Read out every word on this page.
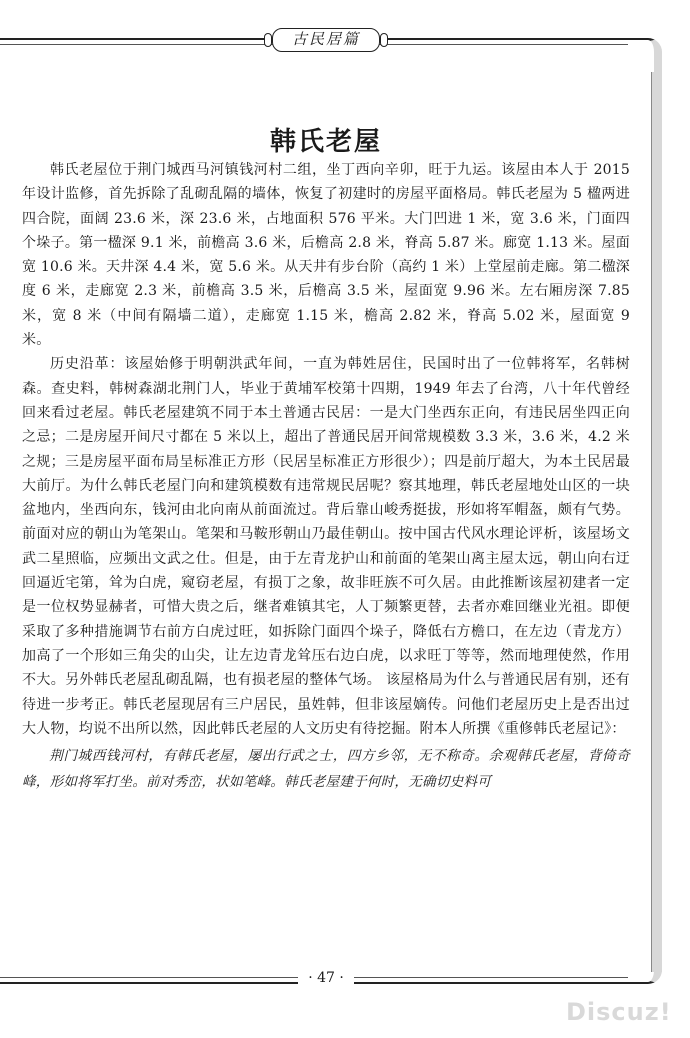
古民居篇
韩氏老屋

韩氏老屋位于荆门城西马河镇钱河村二组，坐丁西向辛卯，旺于九运。该屋由本人于 2015 年设计监修，首先拆除了乱砌乱隔的墙体，恢复了初建时的房屋平面格局。韩氏老屋为 5 楹两进四合院，面阔 23.6 米，深 23.6 米，占地面积 576 平米。大门凹进 1 米，宽 3.6 米，门面四个垛子。第一楹深 9.1 米，前檐高 3.6 米，后檐高 2.8 米，脊高 5.87 米。廊宽 1.13 米。屋面宽 10.6 米。天井深 4.4 米，宽 5.6 米。从天井有步台阶（高约 1 米）上堂屋前走廊。第二楹深度 6 米，走廊宽 2.3 米，前檐高 3.5 米，后檐高 3.5 米，屋面宽 9.96 米。左右厢房深 7.85 米，宽 8 米（中间有隔墙二道），走廊宽 1.15 米，檐高 2.82 米，脊高 5.02 米，屋面宽 9 米。

历史沿革：该屋始修于明朝洪武年间，一直为韩姓居住，民国时出了一位韩将军，名韩树森。查史料，韩树森湖北荆门人，毕业于黄埔军校第十四期，1949 年去了台湾，八十年代曾经回来看过老屋。韩氏老屋建筑不同于本土普通古民居：一是大门坐西东正向，有违民居坐四正向之忌；二是房屋开间尺寸都在 5 米以上，超出了普通民居开间常规模数 3.3 米，3.6 米，4.2 米之规；三是房屋平面布局呈标准正方形（民居呈标准正方形很少）；四是前厅超大，为本土民居最大前厅。为什么韩氏老屋门向和建筑模数有违常规民居呢？察其地理，韩氏老屋地处山区的一块盆地内，坐西向东，钱河由北向南从前面流过。背后靠山峻秀挺拔，形如将军帽盔，颇有气势。前面对应的朝山为笔架山。笔架和马鞍形朝山乃最佳朝山。按中国古代风水理论评析，该屋场文武二星照临，应频出文武之仕。但是，由于左青龙护山和前面的笔架山离主屋太远，朝山向右迂回逼近宅第，耸为白虎，窥窃老屋，有损丁之象，故非旺族不可久居。由此推断该屋初建者一定是一位权势显赫者，可惜大贵之后，继者难镇其宅，人丁频繁更替，去者亦难回继业光祖。即便采取了多种措施调节右前方白虎过旺，如拆除门面四个垛子，降低右方檐口，在左边（青龙方）加高了一个形如三角尖的山尖，让左边青龙耸压右边白虎，以求旺丁等等，然而地理使然，作用不大。另外韩氏老屋乱砌乱隔，也有损老屋的整体气场。 该屋格局为什么与普通民居有别，还有待进一步考正。韩氏老屋现居有三户居民，虽姓韩，但非该屋嫡传。问他们老屋历史上是否出过大人物，均说不出所以然，因此韩氏老屋的人文历史有待挖掘。附本人所撰《重修韩氏老屋记》：

荆门城西钱河村，有韩氏老屋，屡出行武之士，四方乡邻，无不称奇。余观韩氏老屋，背倚奇峰，形如将军打坐。前对秀峦，状如笔峰。韩氏老屋建于何时，无确切史料可

· 47 ·
Discuz!
